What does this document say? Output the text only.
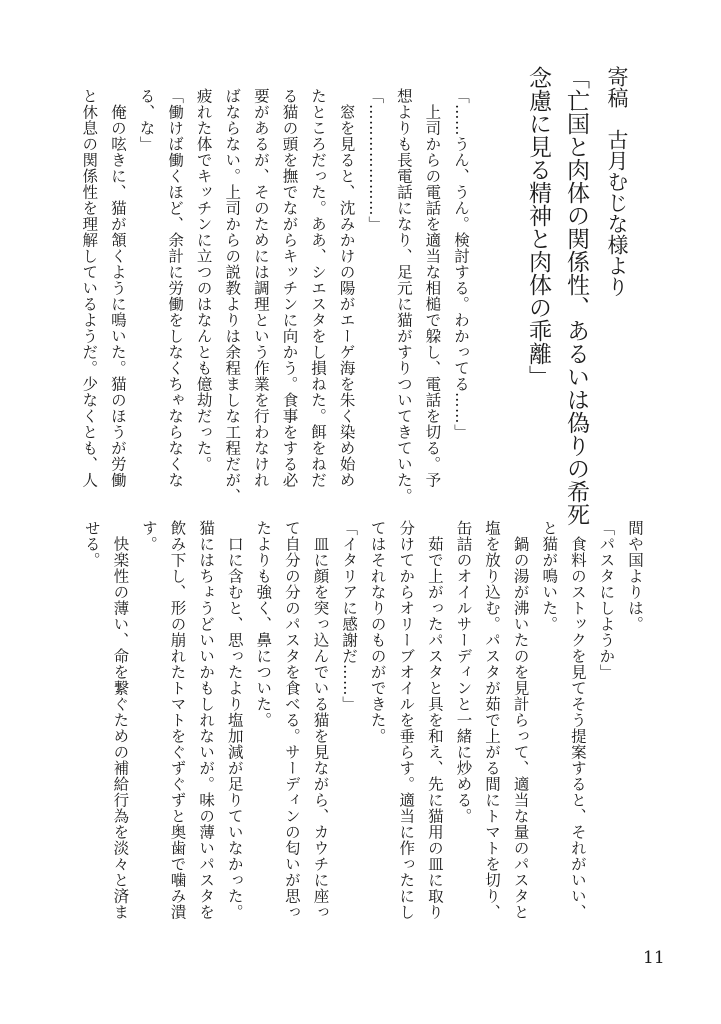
寄稿　古月むじな様より
「亡国と肉体の関係性、あるいは偽りの希死
念慮に見る精神と肉体の乖離」
「……うん、うん。検討する。わかってる……」
　上司からの電話を適当な相槌で躱し、電話を切る。予
想よりも長電話になり、足元に猫がすりついてきていた。
「…………………」
　窓を見ると、沈みかけの陽がエーゲ海を朱く染め始め
たところだった。ああ、シエスタをし損ねた。餌をねだ
る猫の頭を撫でながらキッチンに向かう。食事をする必
要があるが、そのためには調理という作業を行わなけれ
ばならない。上司からの説教よりは余程ましな工程だが、
疲れた体でキッチンに立つのはなんとも億劫だった。
「働けば働くほど、余計に労働をしなくちゃならなくな
る、な」
　俺の呟きに、猫が頷くように鳴いた。猫のほうが労働
と休息の関係性を理解しているようだ。少なくとも、人
間や国よりは。
「パスタにしようか」
　食料のストックを見てそう提案すると、それがいい、
と猫が鳴いた。
　鍋の湯が沸いたのを見計らって、適当な量のパスタと
塩を放り込む。パスタが茹で上がる間にトマトを切り、
缶詰のオイルサーディンと一緒に炒める。
　茹で上がったパスタと具を和え、先に猫用の皿に取り
分けてからオリーブオイルを垂らす。適当に作ったにし
てはそれなりのものができた。
「イタリアに感謝だ……」
　皿に顔を突っ込んでいる猫を見ながら、カウチに座っ
て自分の分のパスタを食べる。サーディンの匂いが思っ
たよりも強く、鼻についた。
　口に含むと、思ったより塩加減が足りていなかった。
猫にはちょうどいいかもしれないが。味の薄いパスタを
飲み下し、形の崩れたトマトをぐずぐずと奥歯で噛み潰
す。
　快楽性の薄い、命を繋ぐための補給行為を淡々と済ま
せる。
11
